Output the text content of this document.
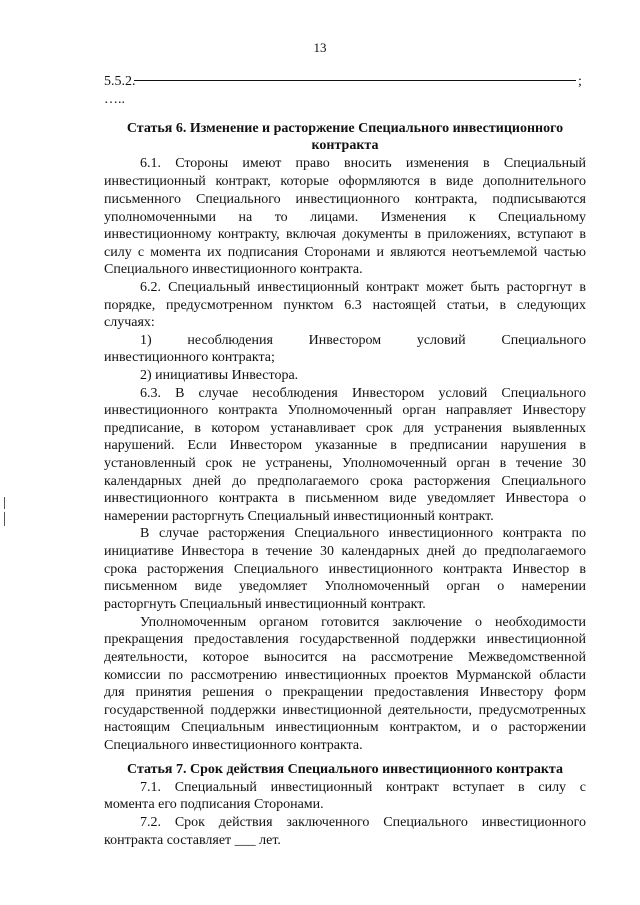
13
5.5.2.	;
…..
Статья 6. Изменение и расторжение Специального инвестиционного
контракта
6.1. Стороны имеют право вносить изменения в Специальный
инвестиционный контракт, которые оформляются в виде дополнительного
письменного Специального инвестиционного контракта, подписываются
уполномоченными на то лицами. Изменения к Специальному
инвестиционному контракту, включая документы в приложениях, вступают в
силу с момента их подписания Сторонами и являются неотъемлемой частью
Специального инвестиционного контракта.
6.2. Специальный инвестиционный контракт может быть расторгнут в
порядке, предусмотренном пунктом 6.3 настоящей статьи, в следующих
случаях:
1) несоблюдения Инвестором условий Специального
инвестиционного контракта;
2) инициативы Инвестора.
6.3. В случае несоблюдения Инвестором условий Специального
инвестиционного контракта Уполномоченный орган направляет Инвестору
предписание, в котором устанавливает срок для устранения выявленных
нарушений. Если Инвестором указанные в предписании нарушения в
установленный срок не устранены, Уполномоченный орган в течение 30
календарных дней до предполагаемого срока расторжения Специального
инвестиционного контракта в письменном виде уведомляет Инвестора о
намерении расторгнуть Специальный инвестиционный контракт.
В случае расторжения Специального инвестиционного контракта по
инициативе Инвестора в течение 30 календарных дней до предполагаемого
срока расторжения Специального инвестиционного контракта Инвестор в
письменном виде уведомляет Уполномоченный орган о намерении
расторгнуть Специальный инвестиционный контракт.
Уполномоченным органом готовится заключение о необходимости
прекращения предоставления государственной поддержки инвестиционной
деятельности, которое выносится на рассмотрение Межведомственной
комиссии по рассмотрению инвестиционных проектов Мурманской области
для принятия решения о прекращении предоставления Инвестору форм
государственной поддержки инвестиционной деятельности, предусмотренных
настоящим Специальным инвестиционным контрактом, и о расторжении
Специального инвестиционного контракта.
Статья 7. Срок действия Специального инвестиционного контракта
7.1. Специальный инвестиционный контракт вступает в силу с
момента его подписания Сторонами.
7.2. Срок действия заключенного Специального инвестиционного
контракта составляет ___ лет.
